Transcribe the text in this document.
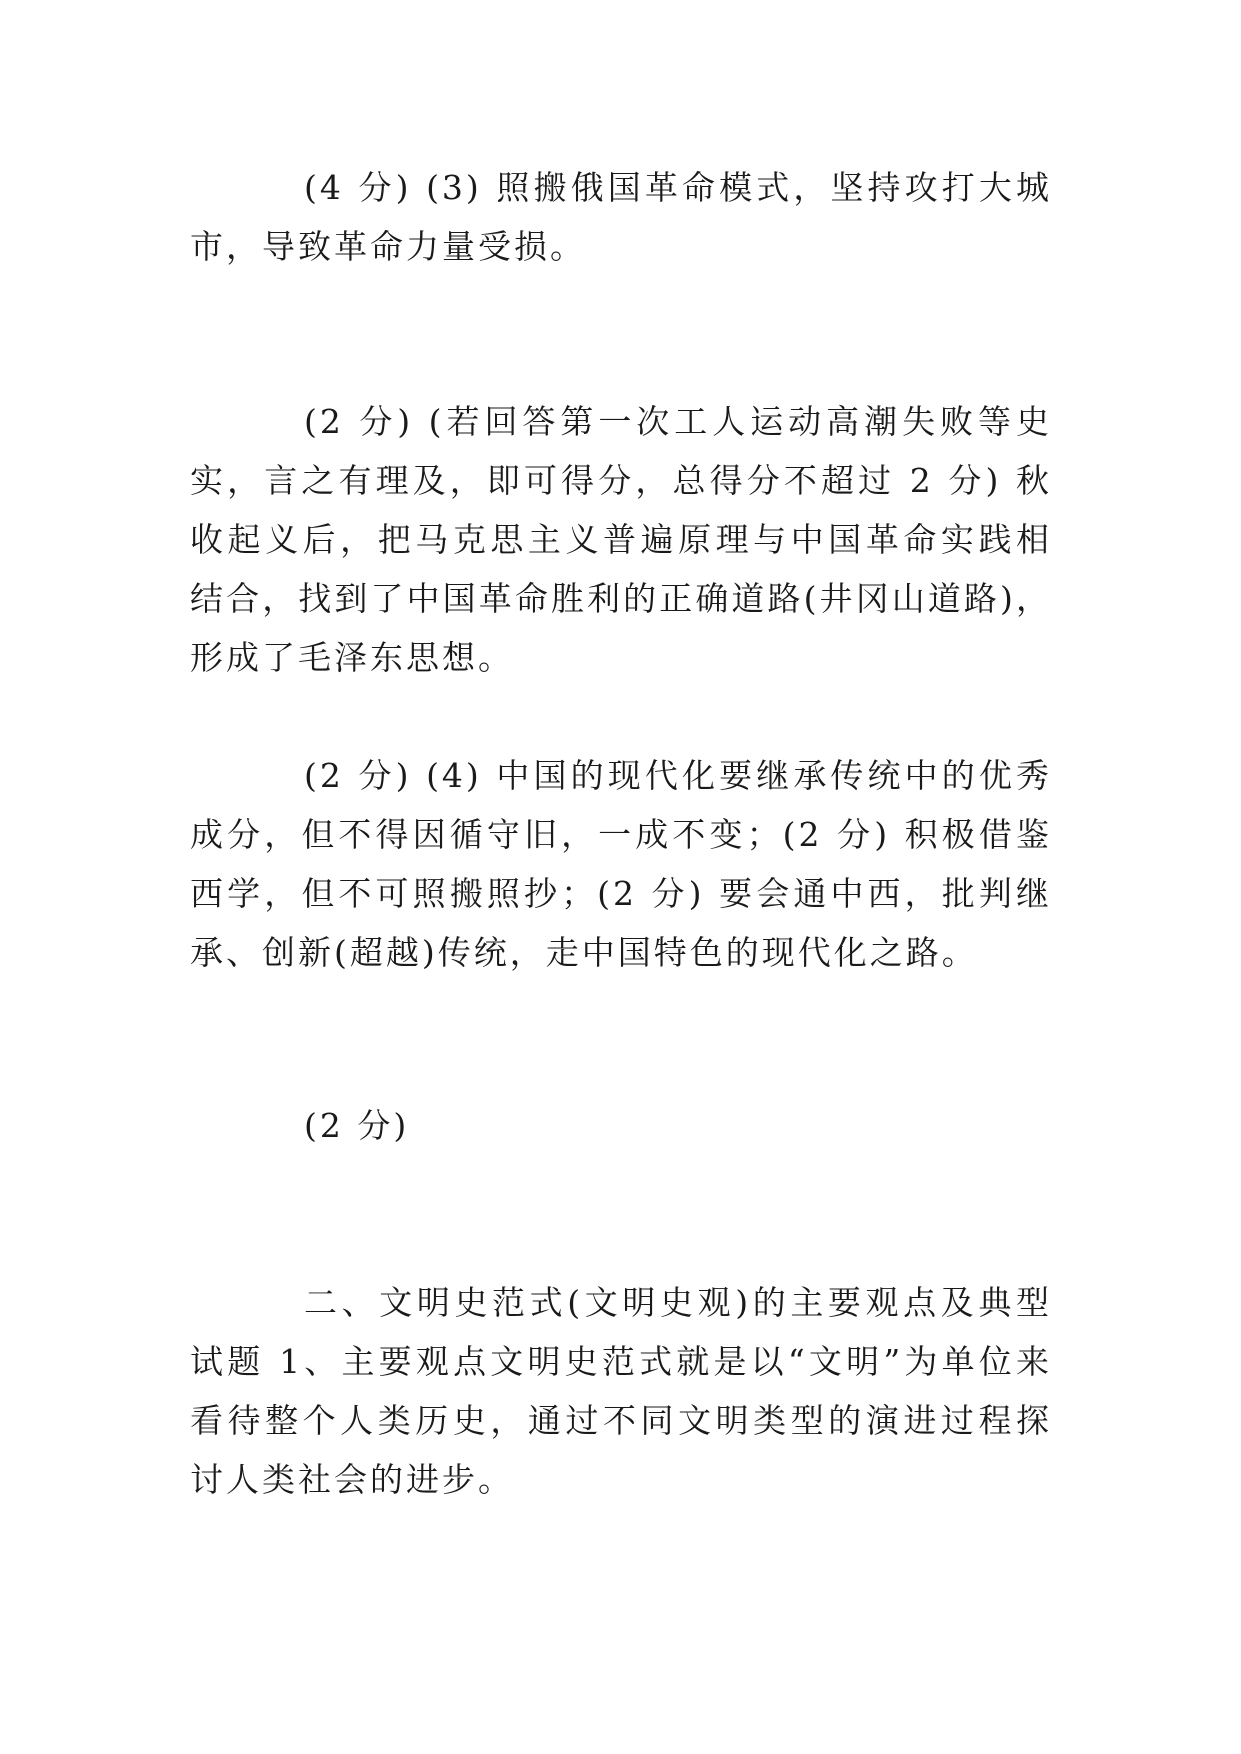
(4 分) (3) 照搬俄国革命模式，坚持攻打大城市，导致革命力量受损。

(2 分) (若回答第一次工人运动高潮失败等史实，言之有理及，即可得分，总得分不超过 2 分) 秋收起义后，把马克思主义普遍原理与中国革命实践相结合，找到了中国革命胜利的正确道路(井冈山道路)，形成了毛泽东思想。

(2 分) (4) 中国的现代化要继承传统中的优秀成分，但不得因循守旧，一成不变；(2 分) 积极借鉴西学，但不可照搬照抄；(2 分) 要会通中西，批判继承、创新(超越)传统，走中国特色的现代化之路。

(2 分)

二、文明史范式(文明史观)的主要观点及典型试题 1、主要观点文明史范式就是以“文明”为单位来看待整个人类历史，通过不同文明类型的演进过程探讨人类社会的进步。
